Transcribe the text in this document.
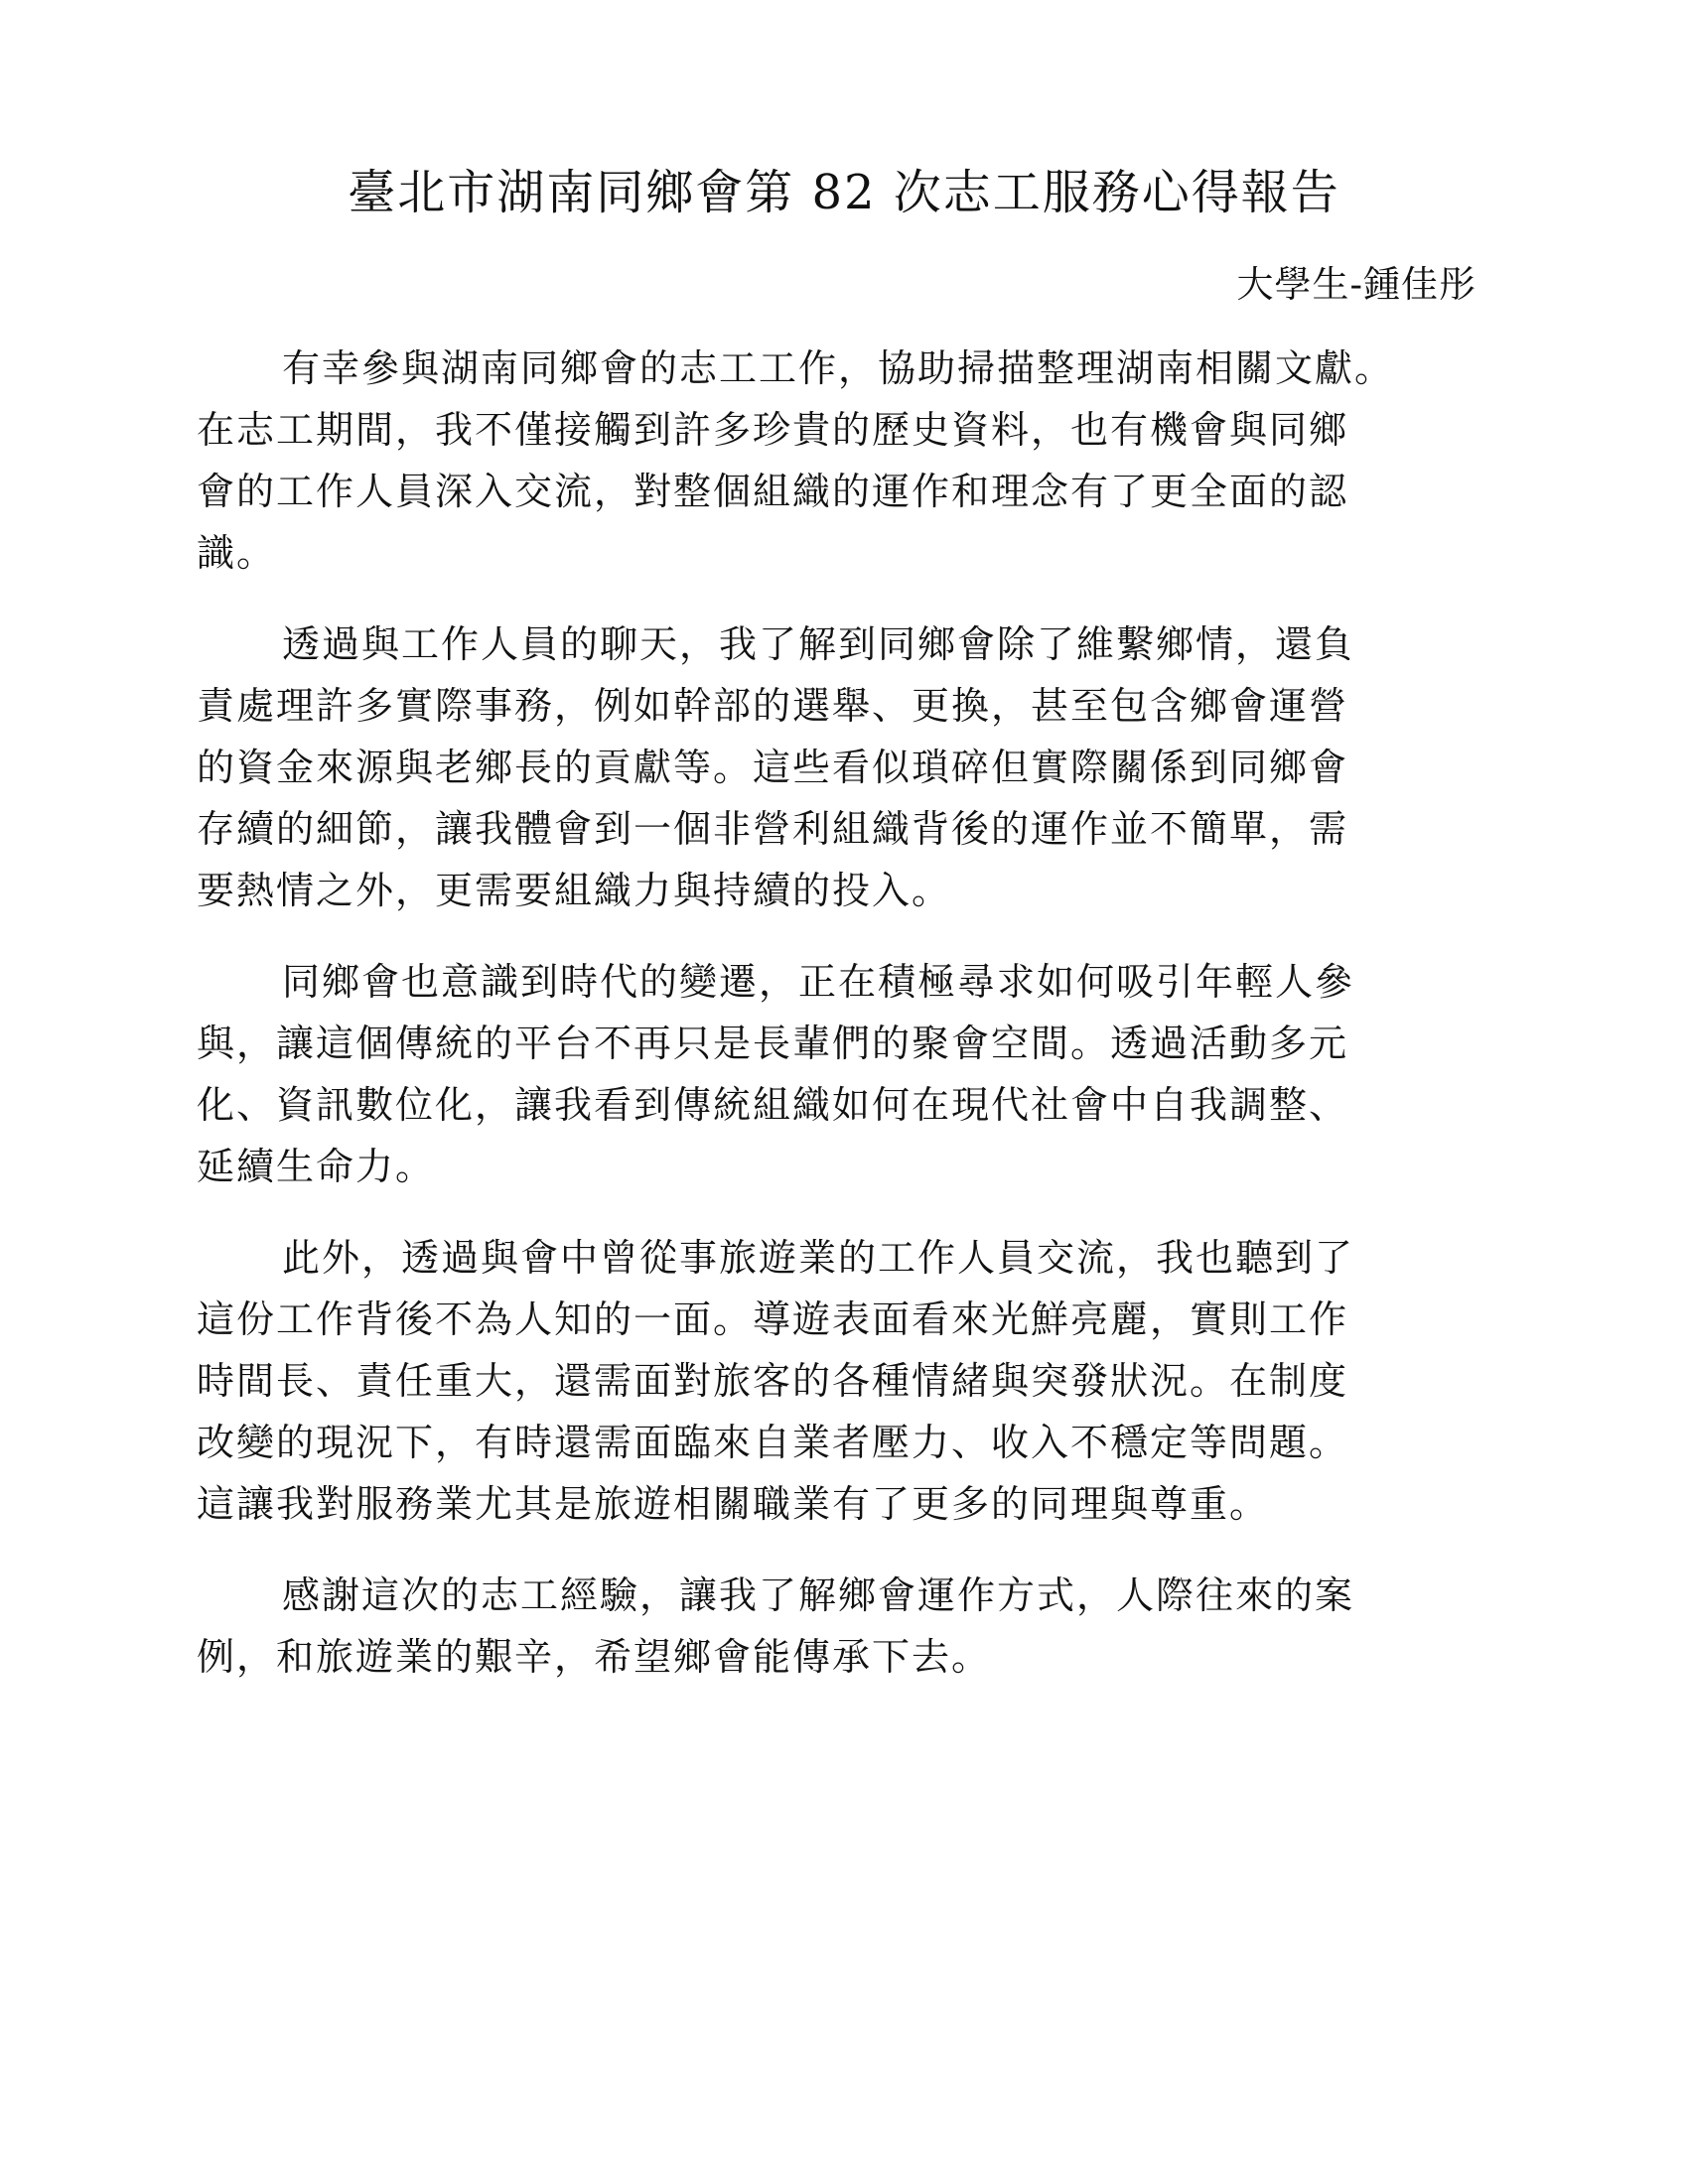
臺北市湖南同鄉會第 82 次志工服務心得報告

大學生-鍾佳彤

有幸參與湖南同鄉會的志工工作，協助掃描整理湖南相關文獻。
在志工期間，我不僅接觸到許多珍貴的歷史資料，也有機會與同鄉
會的工作人員深入交流，對整個組織的運作和理念有了更全面的認
識。

透過與工作人員的聊天，我了解到同鄉會除了維繫鄉情，還負
責處理許多實際事務，例如幹部的選舉、更換，甚至包含鄉會運營
的資金來源與老鄉長的貢獻等。這些看似瑣碎但實際關係到同鄉會
存續的細節，讓我體會到一個非營利組織背後的運作並不簡單，需
要熱情之外，更需要組織力與持續的投入。

同鄉會也意識到時代的變遷，正在積極尋求如何吸引年輕人參
與，讓這個傳統的平台不再只是長輩們的聚會空間。透過活動多元
化、資訊數位化，讓我看到傳統組織如何在現代社會中自我調整、
延續生命力。

此外，透過與會中曾從事旅遊業的工作人員交流，我也聽到了
這份工作背後不為人知的一面。導遊表面看來光鮮亮麗，實則工作
時間長、責任重大，還需面對旅客的各種情緒與突發狀況。在制度
改變的現況下，有時還需面臨來自業者壓力、收入不穩定等問題。
這讓我對服務業尤其是旅遊相關職業有了更多的同理與尊重。

感謝這次的志工經驗，讓我了解鄉會運作方式，人際往來的案
例，和旅遊業的艱辛，希望鄉會能傳承下去。
